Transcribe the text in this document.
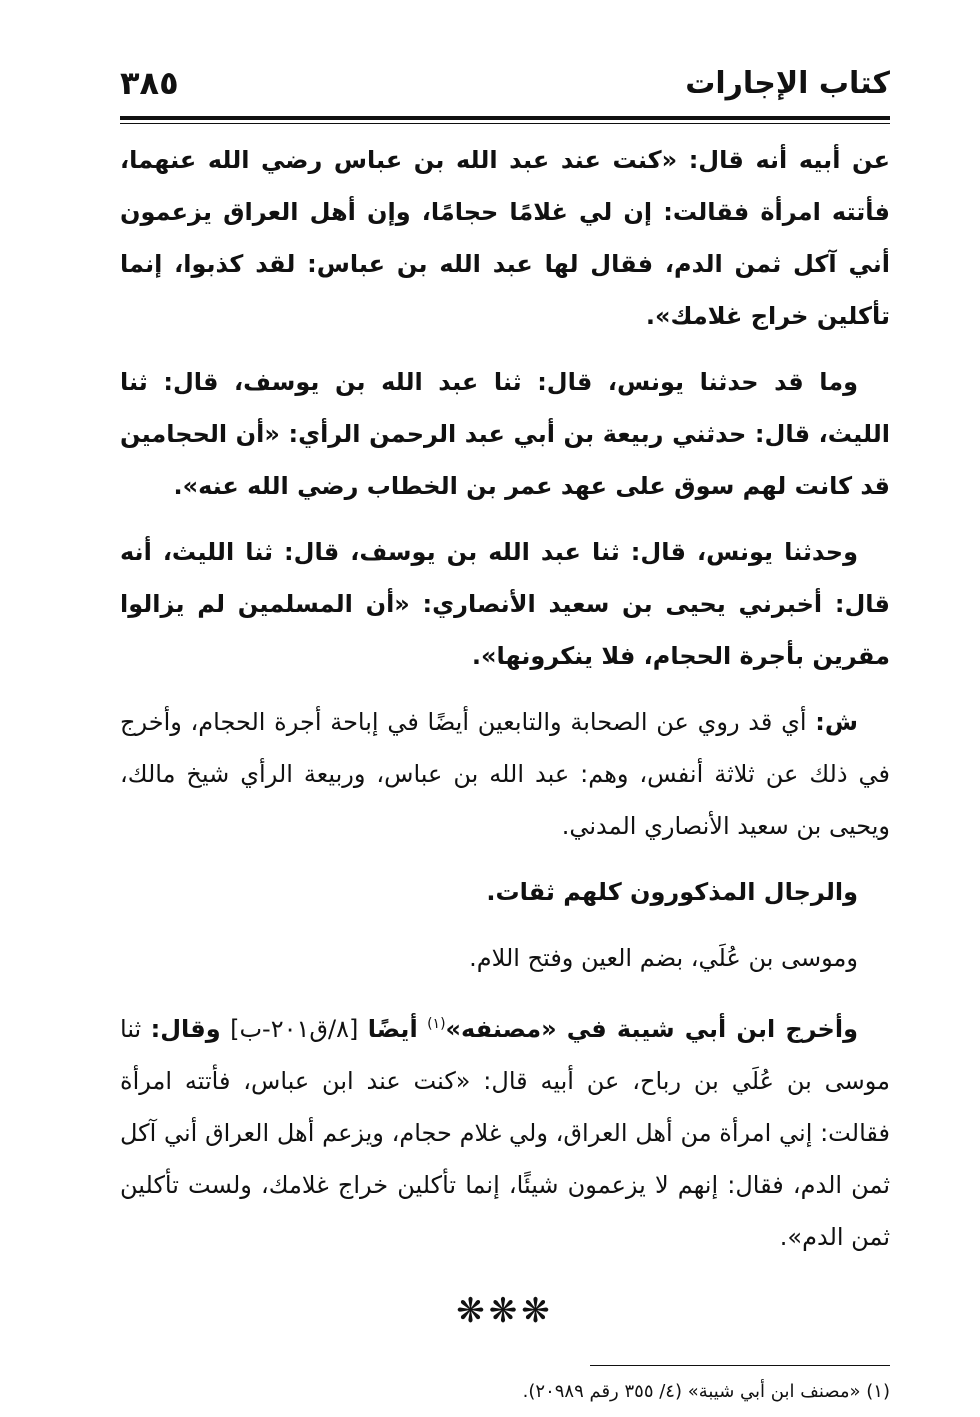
كتاب الإجارات
٣٨٥

عن أبيه أنه قال: «كنت عند عبد الله بن عباس رضي الله عنهما، فأتته امرأة فقالت: إن لي غلامًا حجامًا، وإن أهل العراق يزعمون أني آكل ثمن الدم، فقال لها عبد الله بن عباس: لقد كذبوا، إنما تأكلين خراج غلامك».

وما قد حدثنا يونس، قال: ثنا عبد الله بن يوسف، قال: ثنا الليث، قال: حدثني ربيعة بن أبي عبد الرحمن الرأي: «أن الحجامين قد كانت لهم سوق على عهد عمر بن الخطاب رضي الله عنه».

وحدثنا يونس، قال: ثنا عبد الله بن يوسف، قال: ثنا الليث، أنه قال: أخبرني يحيى بن سعيد الأنصاري: «أن المسلمين لم يزالوا مقرين بأجرة الحجام، فلا ينكرونها».

ش: أي قد روي عن الصحابة والتابعين أيضًا في إباحة أجرة الحجام، وأخرج في ذلك عن ثلاثة أنفس، وهم: عبد الله بن عباس، وربيعة الرأي شيخ مالك، ويحيى بن سعيد الأنصاري المدني.

والرجال المذكورون كلهم ثقات.

وموسى بن عُلَي، بضم العين وفتح اللام.

وأخرج ابن أبي شيبة في «مصنفه»$^{(١)}$ أيضًا [٨/ق٢٠١-ب] وقال: ثنا موسى بن عُلَي بن رباح، عن أبيه قال: «كنت عند ابن عباس، فأتته امرأة فقالت: إني امرأة من أهل العراق، ولي غلام حجام، ويزعم أهل العراق أني آكل ثمن الدم، فقال: إنهم لا يزعمون شيئًا، إنما تأكلين خراج غلامك، ولست تأكلين ثمن الدم».

❋❋❋
(١) «مصنف ابن أبي شيبة» (٤/ ٣٥٥ رقم ٢٠٩٨٩).
